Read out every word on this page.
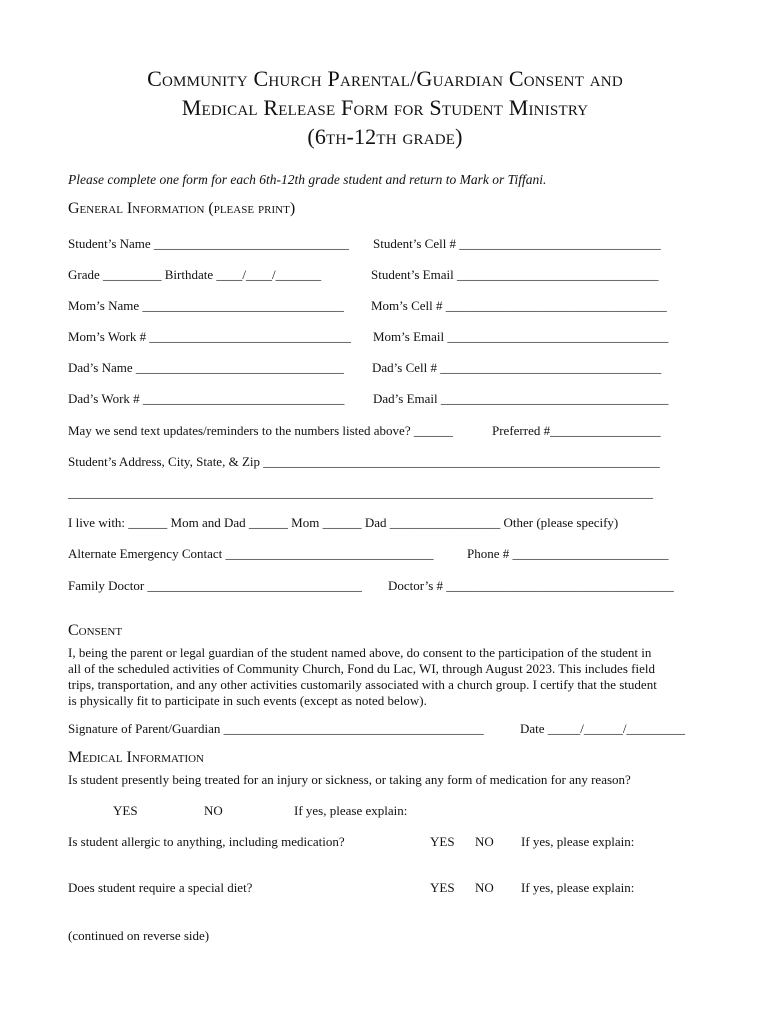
Community Church Parental/Guardian Consent and
Medical Release Form for Student Ministry
(6th-12th grade)
Please complete one form for each 6th-12th grade student and return to Mark or Tiffani.
General Information (please print)
Student’s Name ______________________________ Student’s Cell # _______________________________
Grade _________ Birthdate ____/____/_______	Student’s Email _______________________________
Mom’s Name _______________________________ Mom’s Cell # __________________________________
Mom’s Work # _______________________________ Mom’s Email __________________________________
Dad’s Name ________________________________ Dad’s Cell # __________________________________
Dad’s Work # _______________________________ Dad’s Email ___________________________________
May we send text updates/reminders to the numbers listed above? ______	Preferred #_________________
Student’s Address, City, State, & Zip _____________________________________________________________
__________________________________________________________________________________________
I live with: ______ Mom and Dad ______ Mom ______ Dad _________________ Other (please specify)
Alternate Emergency Contact ________________________________	Phone # ________________________
Family Doctor _________________________________ Doctor’s # ___________________________________
Consent
I, being the parent or legal guardian of the student named above, do consent to the participation of the student in
all of the scheduled activities of Community Church, Fond du Lac, WI, through August 2023. This includes field
trips, transportation, and any other activities customarily associated with a church group. I certify that the student
is physically fit to participate in such events (except as noted below).
Signature of Parent/Guardian ________________________________________	Date _____/______/_________
Medical Information
Is student presently being treated for an injury or sickness, or taking any form of medication for any reason?
YES	NO	If yes, please explain:
Is student allergic to anything, including medication?	YES NO If yes, please explain:
Does student require a special diet?	YES NO If yes, please explain:
(continued on reverse side)
